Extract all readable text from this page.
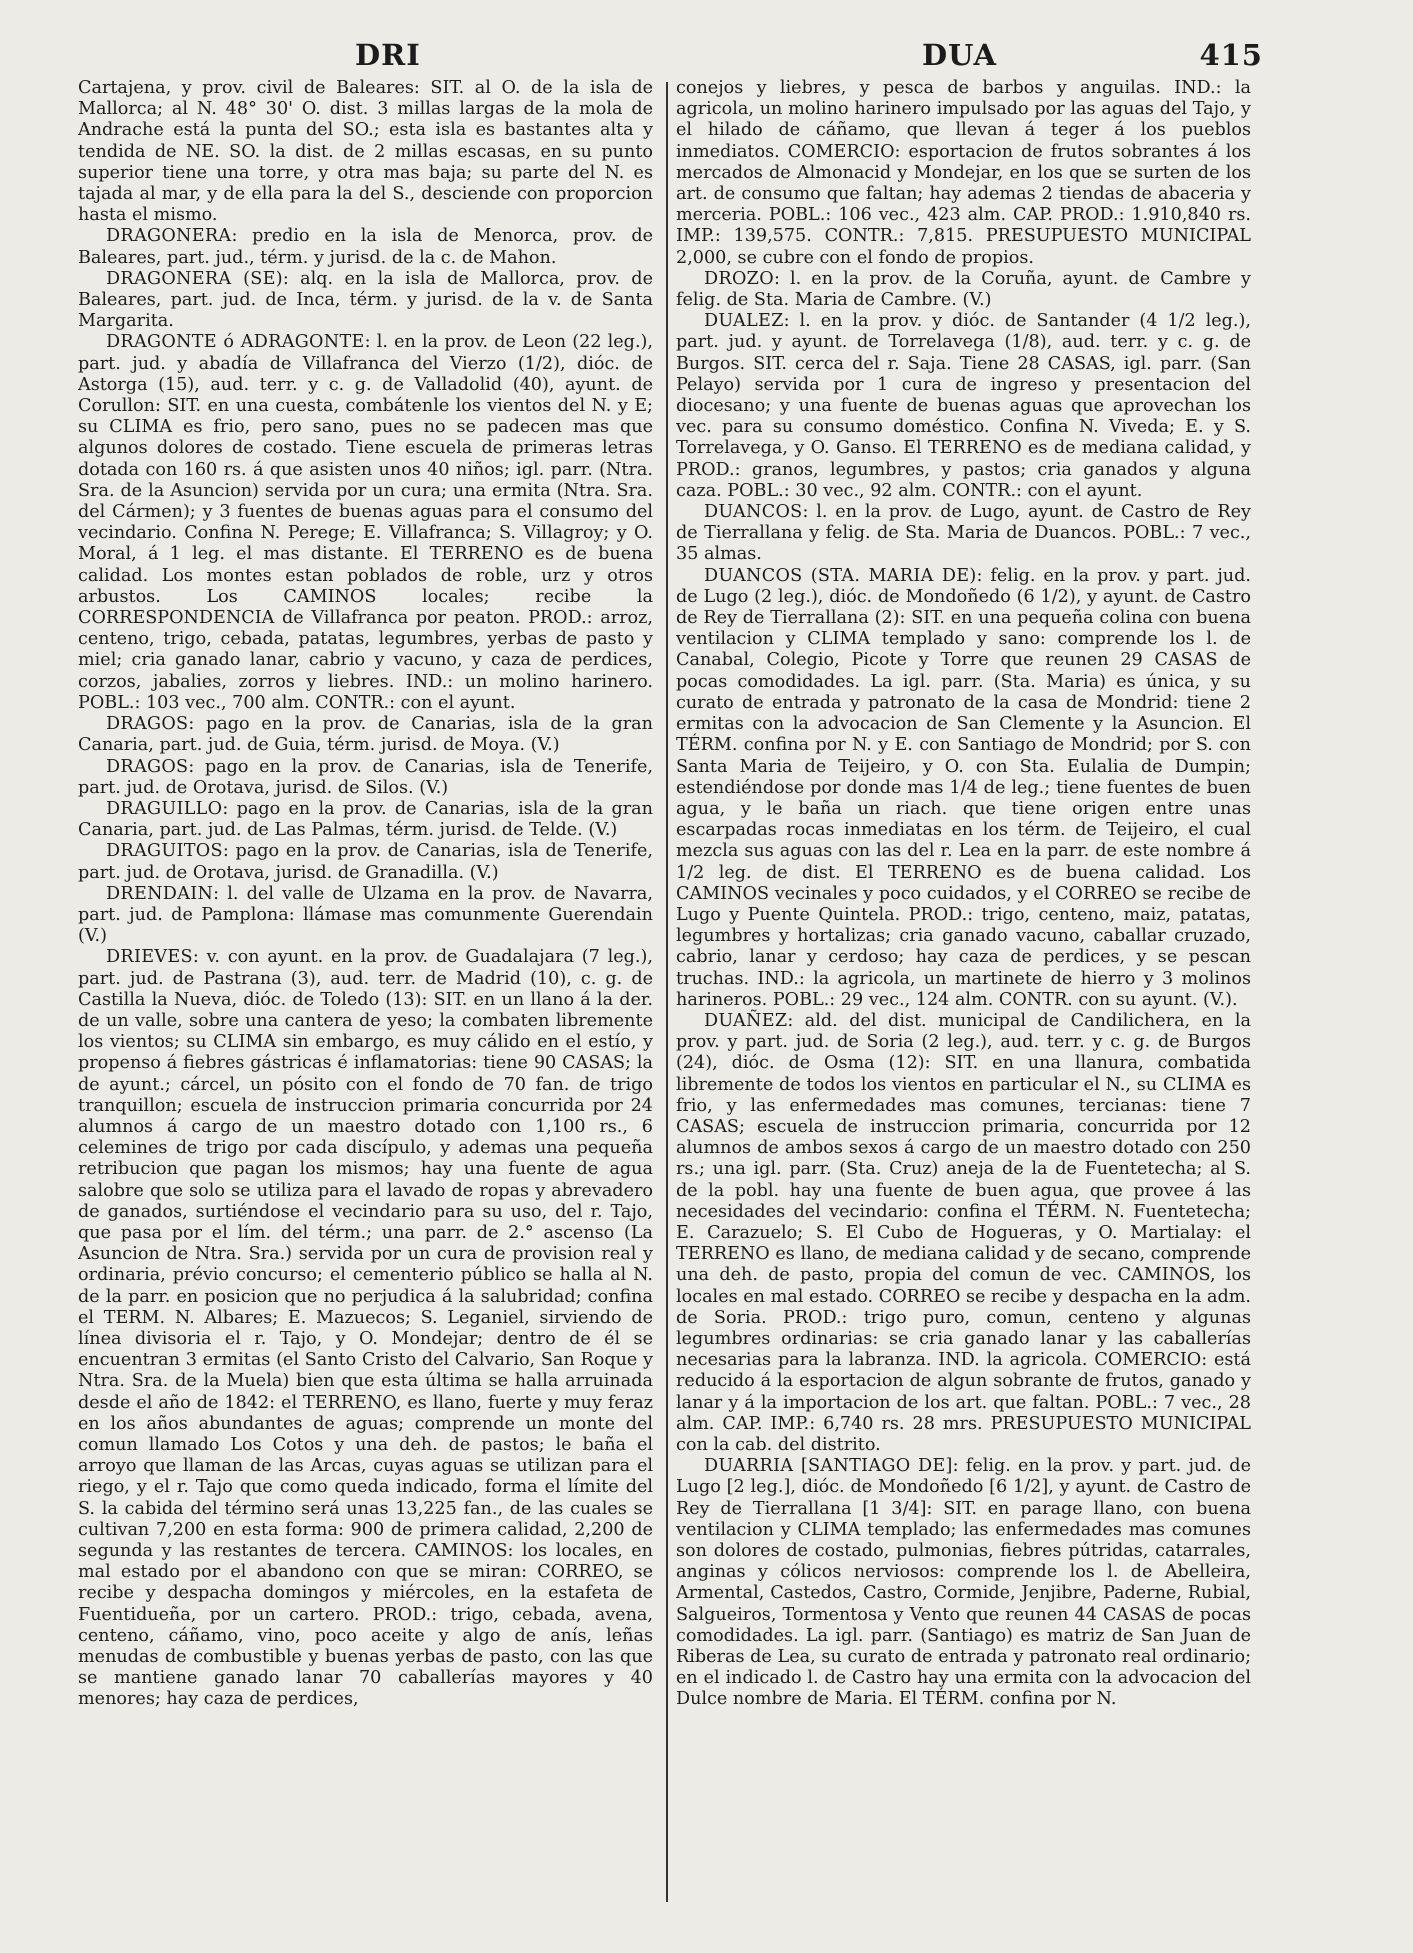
DRI	DUA	415

Cartajena, y prov. civil de Baleares: SIT. al O. de la isla de Mallorca; al N. 48° 30' O. dist. 3 millas largas de la mola de Andrache está la punta del SO.; esta isla es bastantes alta y tendida de NE. SO. la dist. de 2 millas escasas, en su punto superior tiene una torre, y otra mas baja; su parte del N. es tajada al mar, y de ella para la del S., desciende con proporcion hasta el mismo.

DRAGONERA: predio en la isla de Menorca, prov. de Baleares, part. jud., térm. y jurisd. de la c. de Mahon.

DRAGONERA (SE): alq. en la isla de Mallorca, prov. de Baleares, part. jud. de Inca, térm. y jurisd. de la v. de Santa Margarita.

DRAGONTE ó ADRAGONTE: l. en la prov. de Leon (22 leg.), part. jud. y abadía de Villafranca del Vierzo (1/2), dióc. de Astorga (15), aud. terr. y c. g. de Valladolid (40), ayunt. de Corullon: SIT. en una cuesta, combátenle los vientos del N. y E; su CLIMA es frio, pero sano, pues no se padecen mas que algunos dolores de costado. Tiene escuela de primeras letras dotada con 160 rs. á que asisten unos 40 niños; igl. parr. (Ntra. Sra. de la Asuncion) servida por un cura; una ermita (Ntra. Sra. del Cármen); y 3 fuentes de buenas aguas para el consumo del vecindario. Confina N. Perege; E. Villafranca; S. Villagroy; y O. Moral, á 1 leg. el mas distante. El TERRENO es de buena calidad. Los montes estan poblados de roble, urz y otros arbustos. Los CAMINOS locales; recibe la CORRESPONDENCIA de Villafranca por peaton. PROD.: arroz, centeno, trigo, cebada, patatas, legumbres, yerbas de pasto y miel; cria ganado lanar, cabrio y vacuno, y caza de perdices, corzos, jabalies, zorros y liebres. IND.: un molino harinero. POBL.: 103 vec., 700 alm. CONTR.: con el ayunt.

DRAGOS: pago en la prov. de Canarias, isla de la gran Canaria, part. jud. de Guia, térm. jurisd. de Moya. (V.)

DRAGOS: pago en la prov. de Canarias, isla de Tenerife, part. jud. de Orotava, jurisd. de Silos. (V.)

DRAGUILLO: pago en la prov. de Canarias, isla de la gran Canaria, part. jud. de Las Palmas, térm. jurisd. de Telde. (V.)

DRAGUITOS: pago en la prov. de Canarias, isla de Tenerife, part. jud. de Orotava, jurisd. de Granadilla. (V.)

DRENDAIN: l. del valle de Ulzama en la prov. de Navarra, part. jud. de Pamplona: llámase mas comunmente Guerendain (V.)

DRIEVES: v. con ayunt. en la prov. de Guadalajara (7 leg.), part. jud. de Pastrana (3), aud. terr. de Madrid (10), c. g. de Castilla la Nueva, dióc. de Toledo (13): SIT. en un llano á la der. de un valle, sobre una cantera de yeso; la combaten libremente los vientos; su CLIMA sin embargo, es muy cálido en el estío, y propenso á fiebres gástricas é inflamatorias: tiene 90 CASAS; la de ayunt.; cárcel, un pósito con el fondo de 70 fan. de trigo tranquillon; escuela de instruccion primaria concurrida por 24 alumnos á cargo de un maestro dotado con 1,100 rs., 6 celemines de trigo por cada discípulo, y ademas una pequeña retribucion que pagan los mismos; hay una fuente de agua salobre que solo se utiliza para el lavado de ropas y abrevadero de ganados, surtiéndose el vecindario para su uso, del r. Tajo, que pasa por el lím. del térm.; una parr. de 2.° ascenso (La Asuncion de Ntra. Sra.) servida por un cura de provision real y ordinaria, prévio concurso; el cementerio público se halla al N. de la parr. en posicion que no perjudica á la salubridad; confina el TERM. N. Albares; E. Mazuecos; S. Leganiel, sirviendo de línea divisoria el r. Tajo, y O. Mondejar; dentro de él se encuentran 3 ermitas (el Santo Cristo del Calvario, San Roque y Ntra. Sra. de la Muela) bien que esta última se halla arruinada desde el año de 1842: el TERRENO, es llano, fuerte y muy feraz en los años abundantes de aguas; comprende un monte del comun llamado Los Cotos y una deh. de pastos; le baña el arroyo que llaman de las Arcas, cuyas aguas se utilizan para el riego, y el r. Tajo que como queda indicado, forma el límite del S. la cabida del término será unas 13,225 fan., de las cuales se cultivan 7,200 en esta forma: 900 de primera calidad, 2,200 de segunda y las restantes de tercera. CAMINOS: los locales, en mal estado por el abandono con que se miran: CORREO, se recibe y despacha domingos y miércoles, en la estafeta de Fuentidueña, por un cartero. PROD.: trigo, cebada, avena, centeno, cáñamo, vino, poco aceite y algo de anís, leñas menudas de combustible y buenas yerbas de pasto, con las que se mantiene ganado lanar 70 caballerías mayores y 40 menores; hay caza de perdices,

conejos y liebres, y pesca de barbos y anguilas. IND.: la agricola, un molino harinero impulsado por las aguas del Tajo, y el hilado de cáñamo, que llevan á teger á los pueblos inmediatos. COMERCIO: esportacion de frutos sobrantes á los mercados de Almonacid y Mondejar, en los que se surten de los art. de consumo que faltan; hay ademas 2 tiendas de abaceria y merceria. POBL.: 106 vec., 423 alm. CAP. PROD.: 1.910,840 rs. IMP.: 139,575. CONTR.: 7,815. PRESUPUESTO MUNICIPAL 2,000, se cubre con el fondo de propios.

DROZO: l. en la prov. de la Coruña, ayunt. de Cambre y felig. de Sta. Maria de Cambre. (V.)

DUALEZ: l. en la prov. y dióc. de Santander (4 1/2 leg.), part. jud. y ayunt. de Torrelavega (1/8), aud. terr. y c. g. de Burgos. SIT. cerca del r. Saja. Tiene 28 CASAS, igl. parr. (San Pelayo) servida por 1 cura de ingreso y presentacion del diocesano; y una fuente de buenas aguas que aprovechan los vec. para su consumo doméstico. Confina N. Viveda; E. y S. Torrelavega, y O. Ganso. El TERRENO es de mediana calidad, y PROD.: granos, legumbres, y pastos; cria ganados y alguna caza. POBL.: 30 vec., 92 alm. CONTR.: con el ayunt.

DUANCOS: l. en la prov. de Lugo, ayunt. de Castro de Rey de Tierrallana y felig. de Sta. Maria de Duancos. POBL.: 7 vec., 35 almas.

DUANCOS (STA. MARIA DE): felig. en la prov. y part. jud. de Lugo (2 leg.), dióc. de Mondoñedo (6 1/2), y ayunt. de Castro de Rey de Tierrallana (2): SIT. en una pequeña colina con buena ventilacion y CLIMA templado y sano: comprende los l. de Canabal, Colegio, Picote y Torre que reunen 29 CASAS de pocas comodidades. La igl. parr. (Sta. Maria) es única, y su curato de entrada y patronato de la casa de Mondrid: tiene 2 ermitas con la advocacion de San Clemente y la Asuncion. El TÉRM. confina por N. y E. con Santiago de Mondrid; por S. con Santa Maria de Teijeiro, y O. con Sta. Eulalia de Dumpin; estendiéndose por donde mas 1/4 de leg.; tiene fuentes de buen agua, y le baña un riach. que tiene origen entre unas escarpadas rocas inmediatas en los térm. de Teijeiro, el cual mezcla sus aguas con las del r. Lea en la parr. de este nombre á 1/2 leg. de dist. El TERRENO es de buena calidad. Los CAMINOS vecinales y poco cuidados, y el CORREO se recibe de Lugo y Puente Quintela. PROD.: trigo, centeno, maiz, patatas, legumbres y hortalizas; cria ganado vacuno, caballar cruzado, cabrio, lanar y cerdoso; hay caza de perdices, y se pescan truchas. IND.: la agricola, un martinete de hierro y 3 molinos harineros. POBL.: 29 vec., 124 alm. CONTR. con su ayunt. (V.).

DUAÑEZ: ald. del dist. municipal de Candilichera, en la prov. y part. jud. de Soria (2 leg.), aud. terr. y c. g. de Burgos (24), dióc. de Osma (12): SIT. en una llanura, combatida libremente de todos los vientos en particular el N., su CLIMA es frio, y las enfermedades mas comunes, tercianas: tiene 7 CASAS; escuela de instruccion primaria, concurrida por 12 alumnos de ambos sexos á cargo de un maestro dotado con 250 rs.; una igl. parr. (Sta. Cruz) aneja de la de Fuentetecha; al S. de la pobl. hay una fuente de buen agua, que provee á las necesidades del vecindario: confina el TÉRM. N. Fuentetecha; E. Carazuelo; S. El Cubo de Hogueras, y O. Martialay: el TERRENO es llano, de mediana calidad y de secano, comprende una deh. de pasto, propia del comun de vec. CAMINOS, los locales en mal estado. CORREO se recibe y despacha en la adm. de Soria. PROD.: trigo puro, comun, centeno y algunas legumbres ordinarias: se cria ganado lanar y las caballerías necesarias para la labranza. IND. la agricola. COMERCIO: está reducido á la esportacion de algun sobrante de frutos, ganado y lanar y á la importacion de los art. que faltan. POBL.: 7 vec., 28 alm. CAP. IMP.: 6,740 rs. 28 mrs. PRESUPUESTO MUNICIPAL con la cab. del distrito.

DUARRIA [SANTIAGO DE]: felig. en la prov. y part. jud. de Lugo [2 leg.], dióc. de Mondoñedo [6 1/2], y ayunt. de Castro de Rey de Tierrallana [1 3/4]: SIT. en parage llano, con buena ventilacion y CLIMA templado; las enfermedades mas comunes son dolores de costado, pulmonias, fiebres pútridas, catarrales, anginas y cólicos nerviosos: comprende los l. de Abelleira, Armental, Castedos, Castro, Cormide, Jenjibre, Paderne, Rubial, Salgueiros, Tormentosa y Vento que reunen 44 CASAS de pocas comodidades. La igl. parr. (Santiago) es matriz de San Juan de Riberas de Lea, su curato de entrada y patronato real ordinario; en el indicado l. de Castro hay una ermita con la advocacion del Dulce nombre de Maria. El TÉRM. confina por N.
